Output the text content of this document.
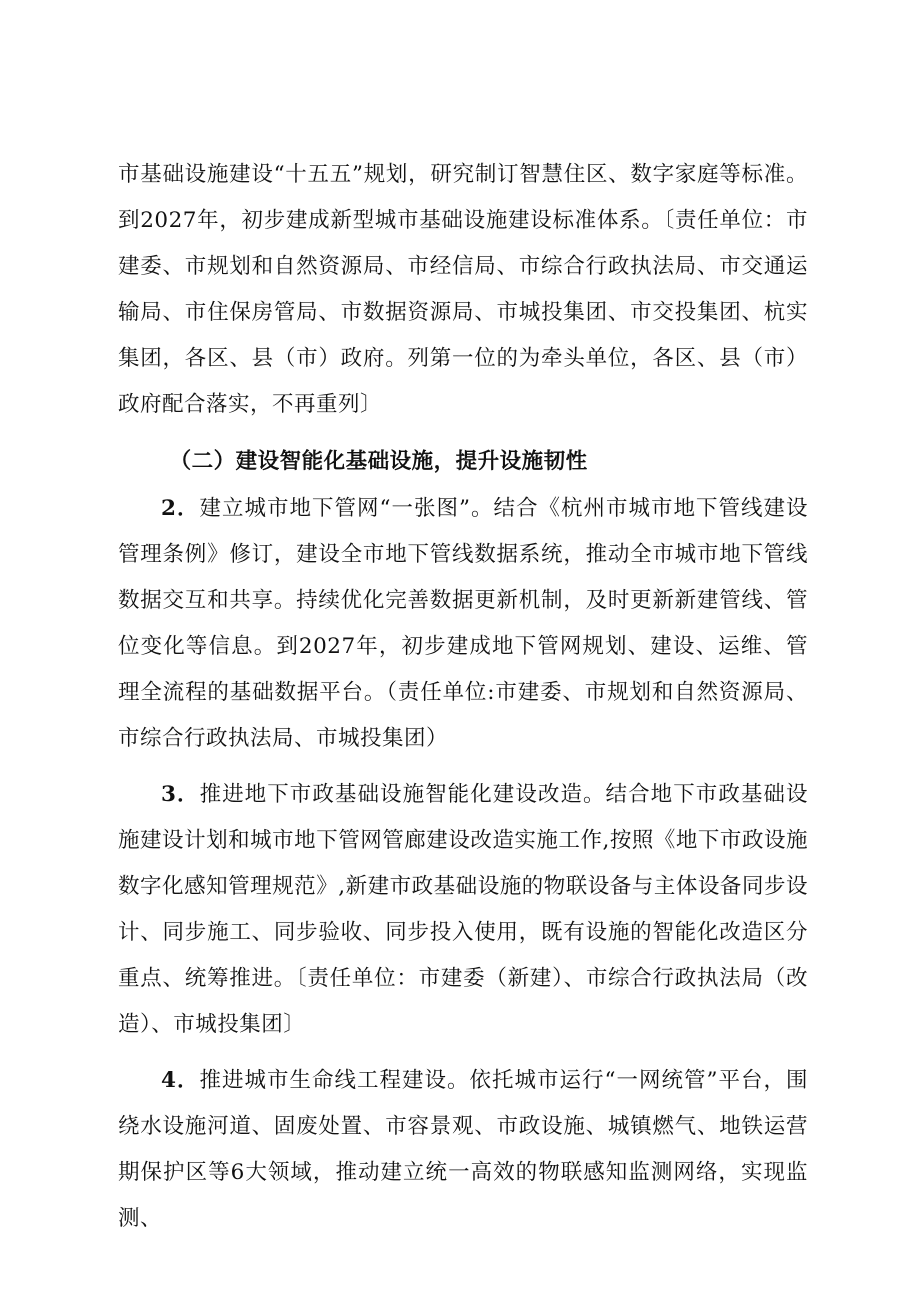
市基础设施建设“十五五”规划，研究制订智慧住区、数字家庭等标准。到2027年，初步建成新型城市基础设施建设标准体系。〔责任单位：市建委、市规划和自然资源局、市经信局、市综合行政执法局、市交通运输局、市住保房管局、市数据资源局、市城投集团、市交投集团、杭实集团，各区、县（市）政府。列第一位的为牵头单位，各区、县（市）政府配合落实，不再重列〕

（二）建设智能化基础设施，提升设施韧性

2．建立城市地下管网“一张图”。结合《杭州市城市地下管线建设管理条例》修订，建设全市地下管线数据系统，推动全市城市地下管线数据交互和共享。持续优化完善数据更新机制，及时更新新建管线、管位变化等信息。到2027年，初步建成地下管网规划、建设、运维、管理全流程的基础数据平台。（责任单位:市建委、市规划和自然资源局、市综合行政执法局、市城投集团）

3．推进地下市政基础设施智能化建设改造。结合地下市政基础设施建设计划和城市地下管网管廊建设改造实施工作,按照《地下市政设施数字化感知管理规范》,新建市政基础设施的物联设备与主体设备同步设计、同步施工、同步验收、同步投入使用，既有设施的智能化改造区分重点、统筹推进。〔责任单位：市建委（新建）、市综合行政执法局（改造）、市城投集团〕

4．推进城市生命线工程建设。依托城市运行“一网统管”平台，围绕水设施河道、固废处置、市容景观、市政设施、城镇燃气、地铁运营期保护区等6大领域，推动建立统一高效的物联感知监测网络，实现监测、
